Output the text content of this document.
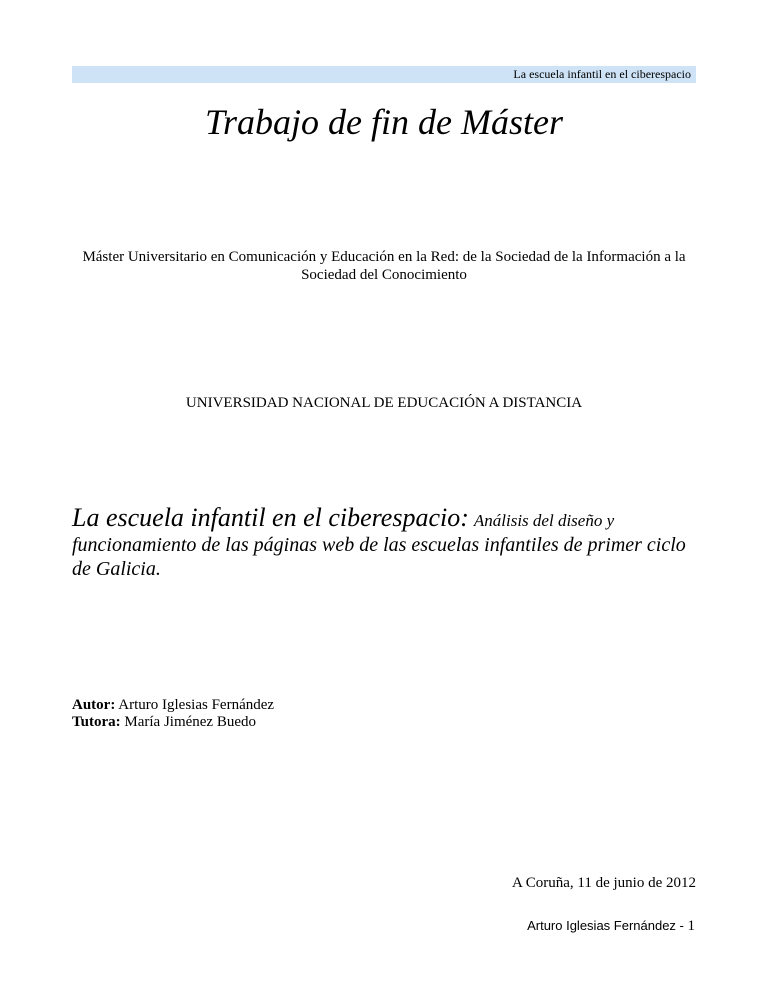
La escuela infantil en el ciberespacio
Trabajo de fin de Máster
Máster Universitario en Comunicación y Educación en la Red: de la Sociedad de la Información a la Sociedad del Conocimiento
UNIVERSIDAD NACIONAL DE EDUCACIÓN A DISTANCIA
La escuela infantil en el ciberespacio: Análisis del diseño y funcionamiento de las páginas web de las escuelas infantiles de primer ciclo de Galicia.
Autor: Arturo Iglesias Fernández
Tutora: María Jiménez Buedo
A Coruña, 11 de junio de 2012
Arturo Iglesias Fernández - 1
